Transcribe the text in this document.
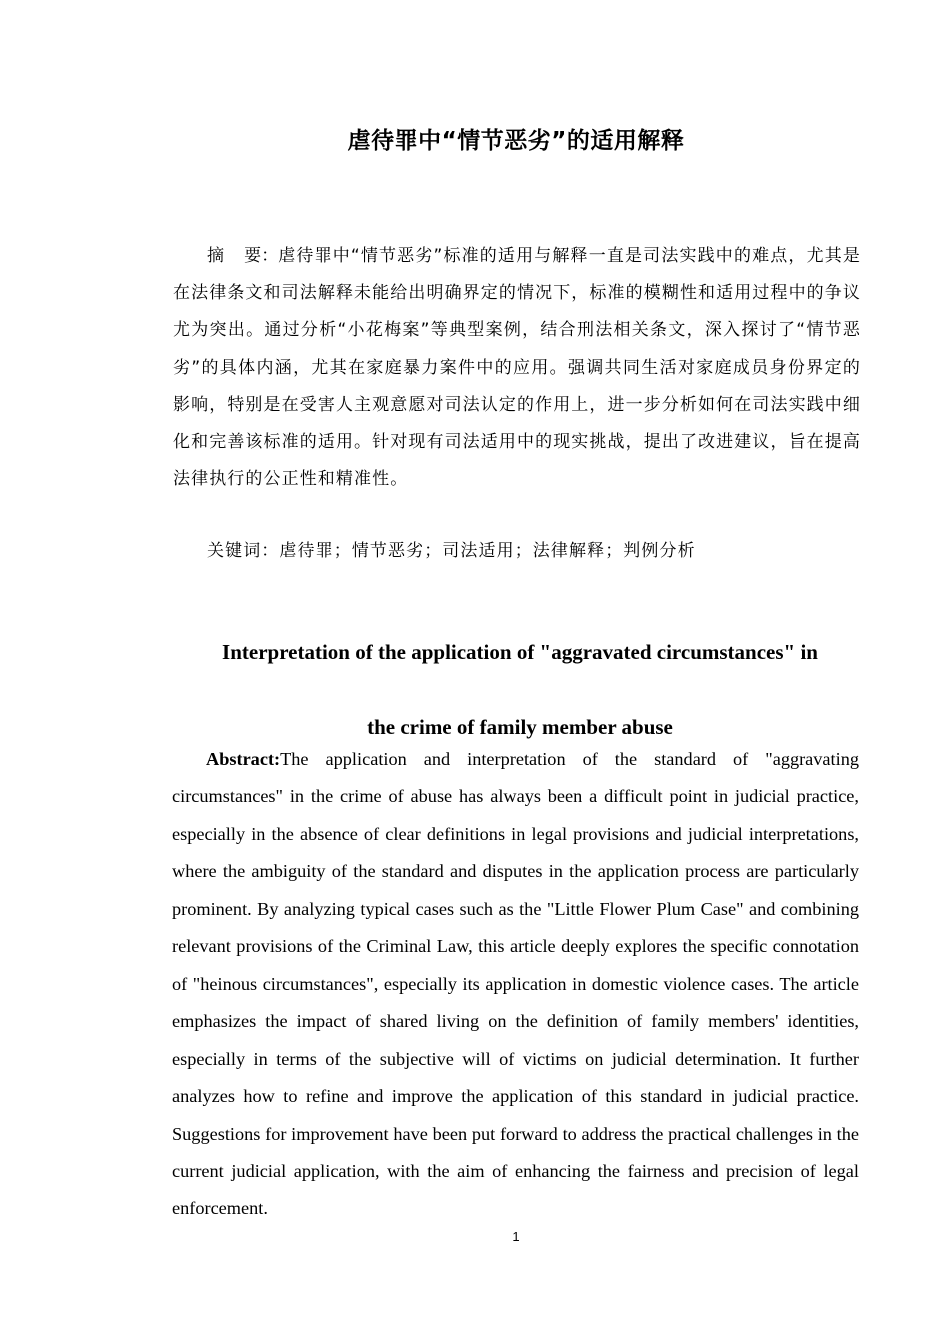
虐待罪中“情节恶劣”的适用解释
摘 要：虐待罪中“情节恶劣”标准的适用与解释一直是司法实践中的难点，尤其是在法律条文和司法解释未能给出明确界定的情况下，标准的模糊性和适用过程中的争议尤为突出。通过分析“小花梅案”等典型案例，结合刑法相关条文，深入探讨了“情节恶劣”的具体内涵，尤其在家庭暴力案件中的应用。强调共同生活对家庭成员身份界定的影响，特别是在受害人主观意愿对司法认定的作用上，进一步分析如何在司法实践中细化和完善该标准的适用。针对现有司法适用中的现实挑战，提出了改进建议，旨在提高法律执行的公正性和精准性。
关键词：虐待罪；情节恶劣；司法适用；法律解释；判例分析
Interpretation of the application of "aggravated circumstances" in
the crime of family member abuse
Abstract:The application and interpretation of the standard of "aggravating circumstances" in the crime of abuse has always been a difficult point in judicial practice, especially in the absence of clear definitions in legal provisions and judicial interpretations, where the ambiguity of the standard and disputes in the application process are particularly prominent. By analyzing typical cases such as the "Little Flower Plum Case" and combining relevant provisions of the Criminal Law, this article deeply explores the specific connotation of "heinous circumstances", especially its application in domestic violence cases. The article emphasizes the impact of shared living on the definition of family members' identities, especially in terms of the subjective will of victims on judicial determination. It further analyzes how to refine and improve the application of this standard in judicial practice. Suggestions for improvement have been put forward to address the practical challenges in the current judicial application, with the aim of enhancing the fairness and precision of legal enforcement.
1
